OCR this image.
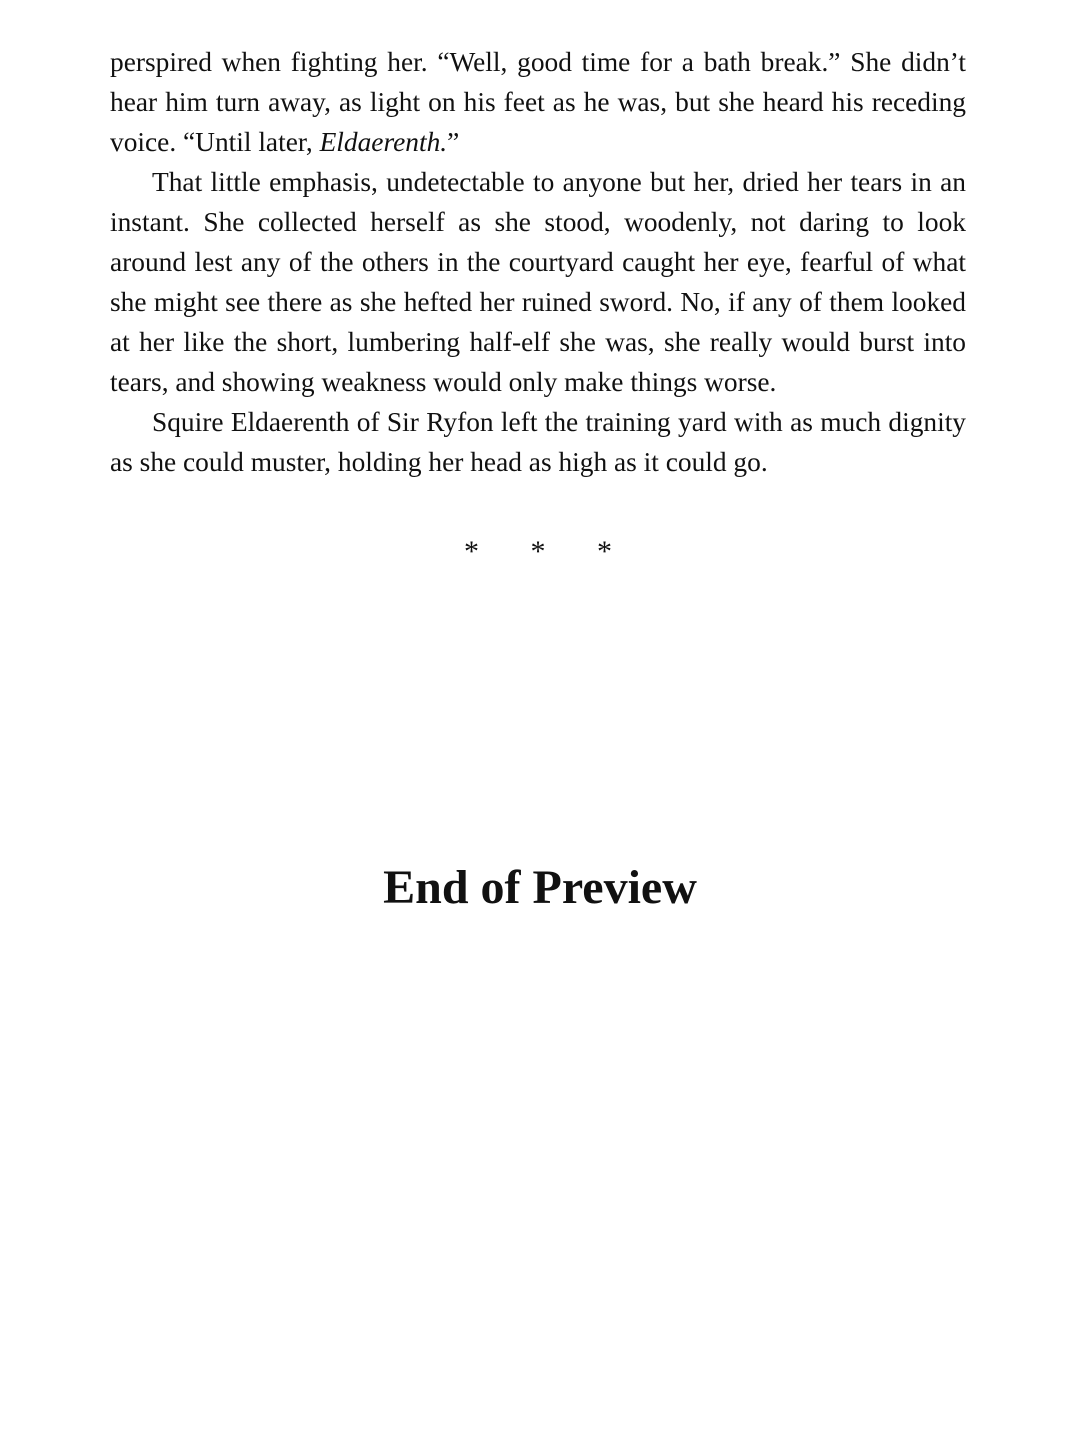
perspired when fighting her. “Well, good time for a bath break.” She didn’t hear him turn away, as light on his feet as he was, but she heard his receding voice. “Until later, Eldaerenth.”

That little emphasis, undetectable to anyone but her, dried her tears in an instant. She collected herself as she stood, woodenly, not daring to look around lest any of the others in the courtyard caught her eye, fearful of what she might see there as she hefted her ruined sword. No, if any of them looked at her like the short, lumbering half-elf she was, she really would burst into tears, and showing weakness would only make things worse.

Squire Eldaerenth of Sir Ryfon left the training yard with as much dignity as she could muster, holding her head as high as it could go.

* * *
End of Preview
